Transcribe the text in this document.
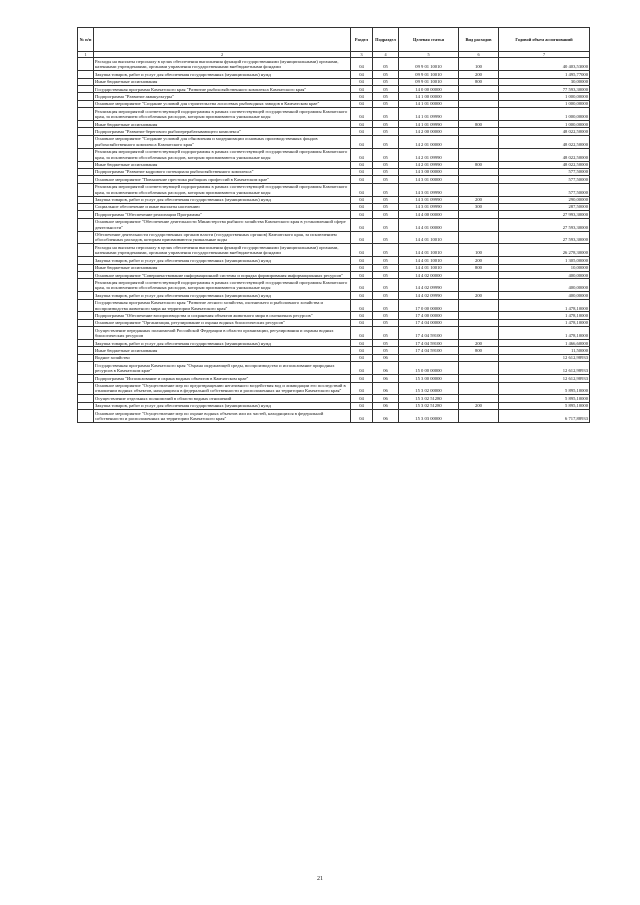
№ п/п		Раздел	Подраздел	Целевая статья	Вид расходов	Годовой объем ассигнований
1	2	3	4	5	6	7
	Расходы на выплаты персоналу в целях обеспечения выполнения функций государственными (муниципальными) органами, казенными учреждениями, органами управления государственными внебюджетными фондами	04	05	09 9 01 10010	100	40 403,53000
	Закупка товаров, работ и услуг для обеспечения государственных (муниципальных) нужд	04	05	09 9 01 10010	200	1 495,77000
	Иные бюджетные ассигнования	04	05	09 9 01 10010	800	30,00000
	Государственная программа Камчатского края "Развитие рыбохозяйственного комплекса Камчатского края"	04	05	14 0 00 00000		77 593,30000
	Подпрограмма "Развитие аквакультуры"	04	05	14 1 00 00000		1 000,00000
	Основное мероприятие "Создание условий для строительства лососевых рыбоводных заводов в Камчатском крае"	04	05	14 1 01 00000		1 000,00000
	Реализация мероприятий соответствующей подпрограммы в рамках соответствующей государственной программы Камчатского края, за исключением обособленных расходов, которым присваиваются уникальные коды	04	05	14 1 01 09990		1 000,00000
	Иные бюджетные ассигнования	04	05	14 1 01 09990	800	1 000,00000
	Подпрограмма "Развитие берегового рыбоперерабатывающего комплекса"	04	05	14 2 00 00000		48 022,50000
	Основное мероприятие "Создание условий для обновления и модернизации основных производственных фондов рыбохозяйственного комплекса Камчатского края"	04	05	14 2 01 00000		48 022,50000
	Реализация мероприятий соответствующей подпрограммы в рамках соответствующей государственной программы Камчатского края, за исключением обособленных расходов, которым присваиваются уникальные коды	04	05	14 2 01 09990		48 022,50000
	Иные бюджетные ассигнования	04	05	14 2 01 09990	800	48 022,50000
	Подпрограмма "Развитие кадрового потенциала рыбохозяйственного комплекса"	04	05	14 3 00 00000		577,50000
	Основное мероприятие "Повышение престижа рыбацких профессий в Камчатском крае"	04	05	14 3 01 00000		577,50000
	Реализация мероприятий соответствующей подпрограммы в рамках соответствующей государственной программы Камчатского края, за исключением обособленных расходов, которым присваиваются уникальные коды	04	05	14 3 01 09990		577,50000
	Закупка товаров, работ и услуг для обеспечения государственных (муниципальных) нужд	04	05	14 3 01 09990	200	290,00000
	Социальное обеспечение и иные выплаты населению	04	05	14 3 01 09990	300	287,50000
	Подпрограмма "Обеспечение реализации Программы"	04	05	14 4 00 00000		27 993,30000
	Основное мероприятие "Обеспечение деятельности Министерства рыбного хозяйства Камчатского края в установленной сфере деятельности"	04	05	14 4 01 00000		27 593,30000
	Обеспечение деятельности государственных органов власти (государственных органов) Камчатского края, за исключением обособленных расходов, которым присваиваются уникальные коды	04	05	14 4 01 10010		27 593,30000
	Расходы на выплаты персоналу в целях обеспечения выполнения функций государственными (муниципальными) органами, казенными учреждениями, органами управления государственными внебюджетными фондами	04	05	14 4 01 10010	100	26 278,30000
	Закупка товаров, работ и услуг для обеспечения государственных (муниципальных) нужд	04	05	14 4 01 10010	200	1 305,00000
	Иные бюджетные ассигнования	04	05	14 4 01 10010	800	10,00000
	Основное мероприятие "Совершенствование информационной системы и порядка формирования информационных ресурсов"	04	05	14 4 02 00000		400,00000
	Реализация мероприятий соответствующей подпрограммы в рамках соответствующей государственной программы Камчатского края, за исключением обособленных расходов, которым присваиваются уникальные коды	04	05	14 4 02 09990		400,00000
	Закупка товаров, работ и услуг для обеспечения государственных (муниципальных) нужд	04	05	14 4 02 09990	200	400,00000
	Государственная программа Камчатского края "Развитие лесного хозяйства, охотничьего и рыболовного хозяйства и воспроизводства животного мира на территории Камчатского края"	04	05	17 0 00 00000		1 478,10000
	Подпрограмма "Обеспечение воспроизводства и сохранения объектов животного мира в охотничьих ресурсов"	04	05	17 4 00 00000		1 478,10000
	Основное мероприятие "Организация, регулирование и охрана водных биологических ресурсов"	04	05	17 4 04 00000		1 478,10000
	Осуществление переданных полномочий Российской Федерации в области организации, регулирования и охраны водных биологических ресурсов	04	05	17 4 04 59100		1 478,10000
	Закупка товаров, работ и услуг для обеспечения государственных (муниципальных) нужд	04	05	17 4 04 59100	200	1 466,60000
	Иные бюджетные ассигнования	04	05	17 4 04 59100	800	11,50000
	Водное хозяйство	04	06			12 612,98933
	Государственная программа Камчатского края "Охрана окружающей среды, воспроизводство и использование природных ресурсов в Камчатском крае"	04	06	15 0 00 00000		12 612,98933
	Подпрограмма "Использование и охрана водных объектов в Камчатском крае"	04	06	15 3 00 00000		12 612,98933
	Основное мероприятие "Осуществление мер по предотвращению негативного воздействия вод и ликвидации его последствий в отношении водных объектов, находящихся в федеральной собственности и расположенных на территории Камчатского края"	04	06	15 3 02 00000		5 895,10000
	Осуществление отдельных полномочий в области водных отношений	04	06	15 3 02 51280		5 895,10000
	Закупка товаров, работ и услуг для обеспечения государственных (муниципальных) нужд	04	06	15 3 02 51280	200	5 895,10000
	Основное мероприятие "Осуществление мер по охране водных объектов или их частей, находящихся в федеральной собственности и расположенных на территории Камчатского края"	04	06	15 3 03 00000		6 717,88933
21
